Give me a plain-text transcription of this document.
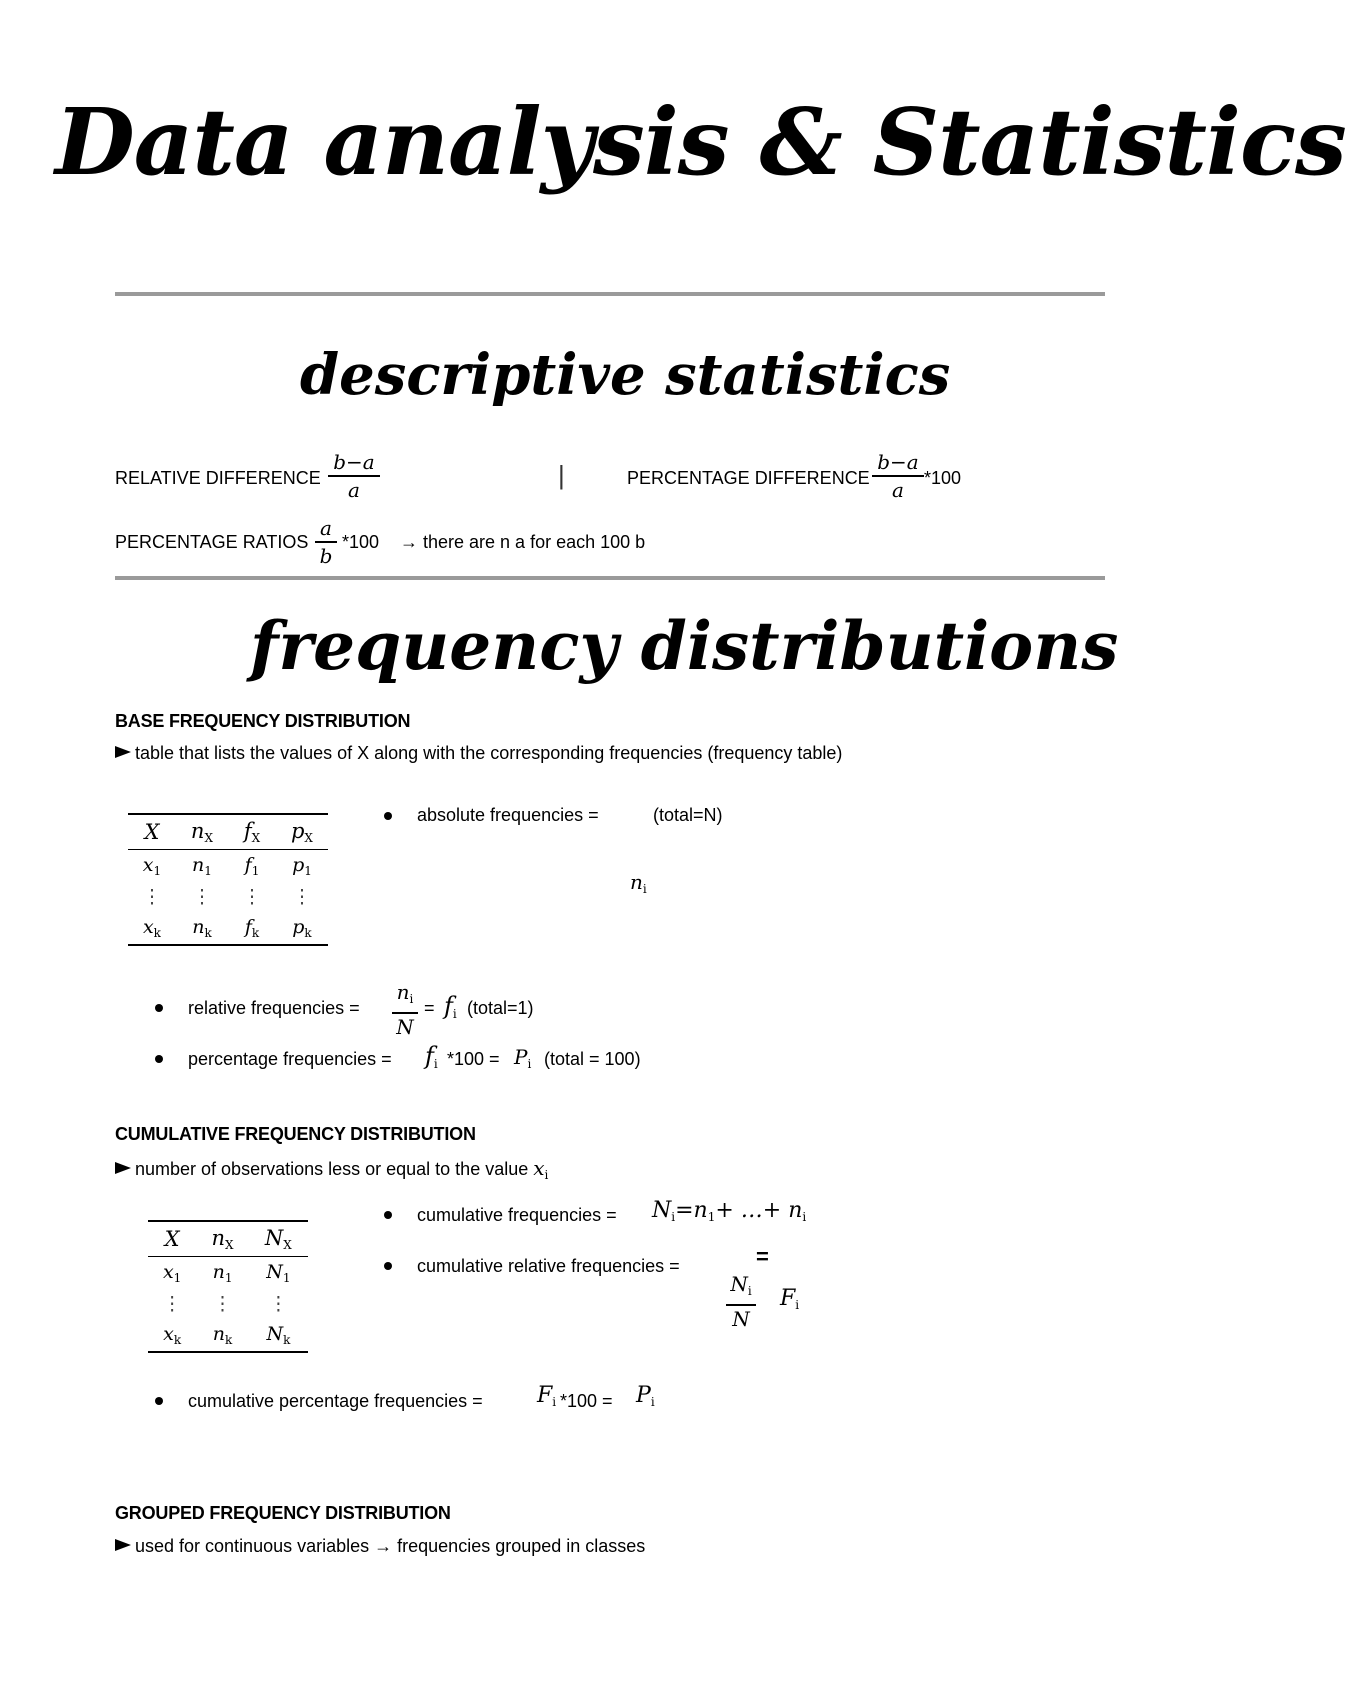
Data analysis & Statistics
descriptive statistics
RELATIVE DIFFERENCE
b−a
a	|	PERCENTAGE DIFFERENCE
b−a
a	*100
PERCENTAGE RATIOS
a
b
*100 → there are n a for each 100 b
frequency distributions
BASE FREQUENCY DISTRIBUTION
table that lists the values of X along with the corresponding frequencies (frequency table)
X	$n_X$	$f_X$	$p_X$
$x_1$	$n_1$	$f_1$	$p_1$
⋮	⋮	⋮	⋮
$x_k$	$n_k$	$f_k$	$p_k$
absolute frequencies =	(total=N)
$n_i$
relative frequencies =
$n_i$
N
= $f_i$ (total=1)
percentage frequencies = $f_i$ $*100 = P_i$ (total = 100)
CUMULATIVE FREQUENCY DISTRIBUTION
number of observations less or equal to the value $x_i$
X	$n_X$	$N_X$
$x_1$	$n_1$	$N_1$
⋮	⋮	⋮
$x_k$	$n_k$	$N_k$
cumulative frequencies = $N_i=n_1+$ …+ $n_i$
cumulative relative frequencies =	=
$N_i$
N
$F_i$
cumulative percentage frequencies = $F_i$ $*100 = P_i$
GROUPED FREQUENCY DISTRIBUTION
used for continuous variables → frequencies grouped in classes
